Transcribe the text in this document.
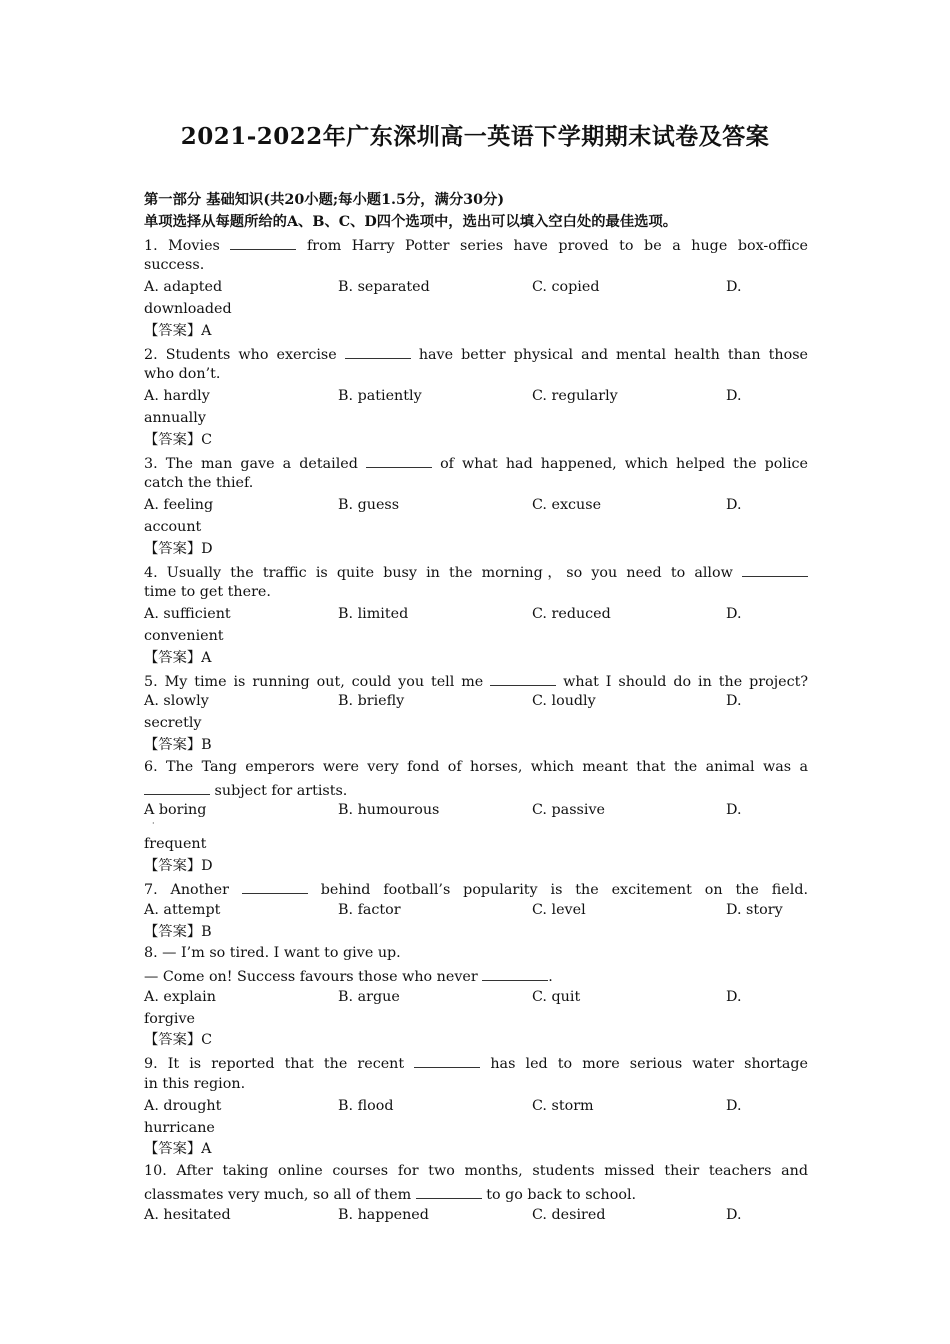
2021-2022年广东深圳高一英语下学期期末试卷及答案
第一部分 基础知识(共20小题;每小题1.5分，满分30分)
单项选择从每题所给的A、B、C、D四个选项中，选出可以填入空白处的最佳选项。
1. Movies	from Harry Potter series have proved to be a huge box-office
success.
A. adapted	B. separated	C. copied	D.
downloaded
【答案】A
2. Students who exercise	have better physical and mental health than those
who don’t.
A. hardly	B. patiently	C. regularly	D.
annually
【答案】C
3. The man gave a detailed	of what had happened, which helped the police
catch the thief.
A. feeling	B. guess	C. excuse	D.
account
【答案】D
4. Usually the traffic is quite busy in the morning，so you need to allow
time to get there.
A. sufficient	B. limited	C. reduced	D.
convenient
【答案】A
5. My time is running out, could you tell me	what I should do in the project?
A. slowly	B. briefly	C. loudly	D.
secretly
【答案】B
6. The Tang emperors were very fond of horses, which meant that the animal was a
subject for artists.
A boring
·
B. humourous	C. passive	D.
frequent
【答案】D
7. Another	behind football’s popularity is the excitement on the field.
A. attempt	B. factor	C. level	D. story
【答案】B
8. — I’m so tired. I want to give up.
— Come on! Success favours those who never	.
A. explain	B. argue	C. quit	D.
forgive
【答案】C
9. It is reported that the recent	has led to more serious water shortage
in this region.
A. drought	B. flood	C. storm	D.
hurricane
【答案】A
10. After taking online courses for two months, students missed their teachers and
classmates very much, so all of them	to go back to school.
A. hesitated	B. happened	C. desired	D.
